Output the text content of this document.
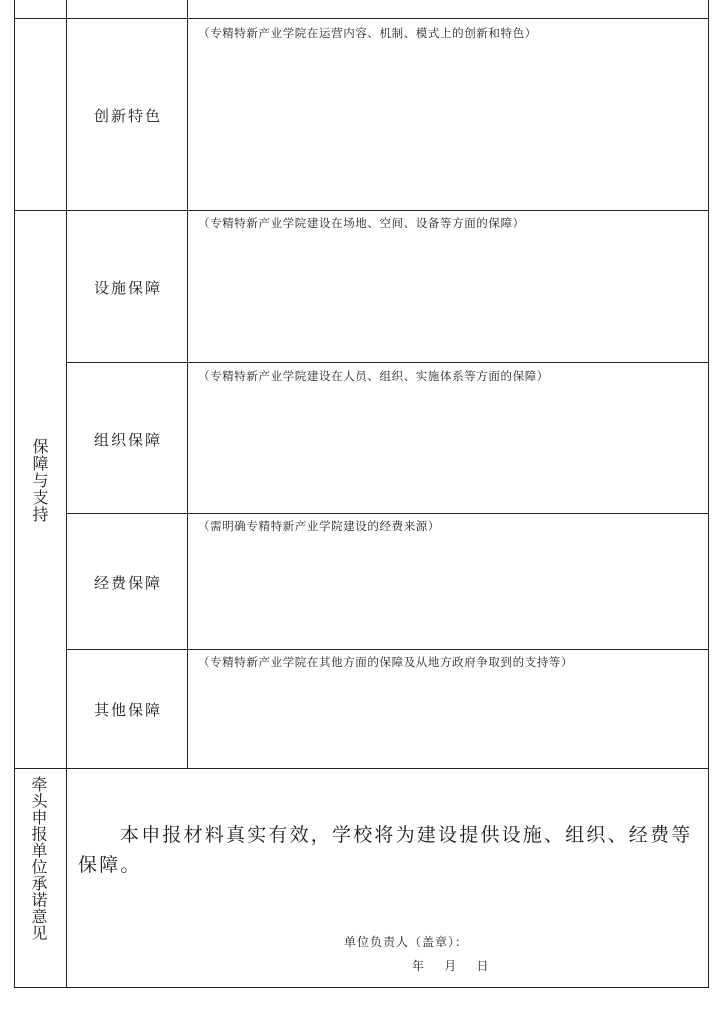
创新特色
（专精特新产业学院在运营内容、机制、模式上的创新和特色）
保障与支持
设施保障
（专精特新产业学院建设在场地、空间、设备等方面的保障）
组织保障
（专精特新产业学院建设在人员、组织、实施体系等方面的保障）
经费保障
（需明确专精特新产业学院建设的经费来源）
其他保障
（专精特新产业学院在其他方面的保障及从地方政府争取到的支持等）
牵头申报单位承诺意见	本申报材料真实有效，学校将为建设提供设施、组织、经费等保障。
单位负责人（盖章）：
年    月    日
